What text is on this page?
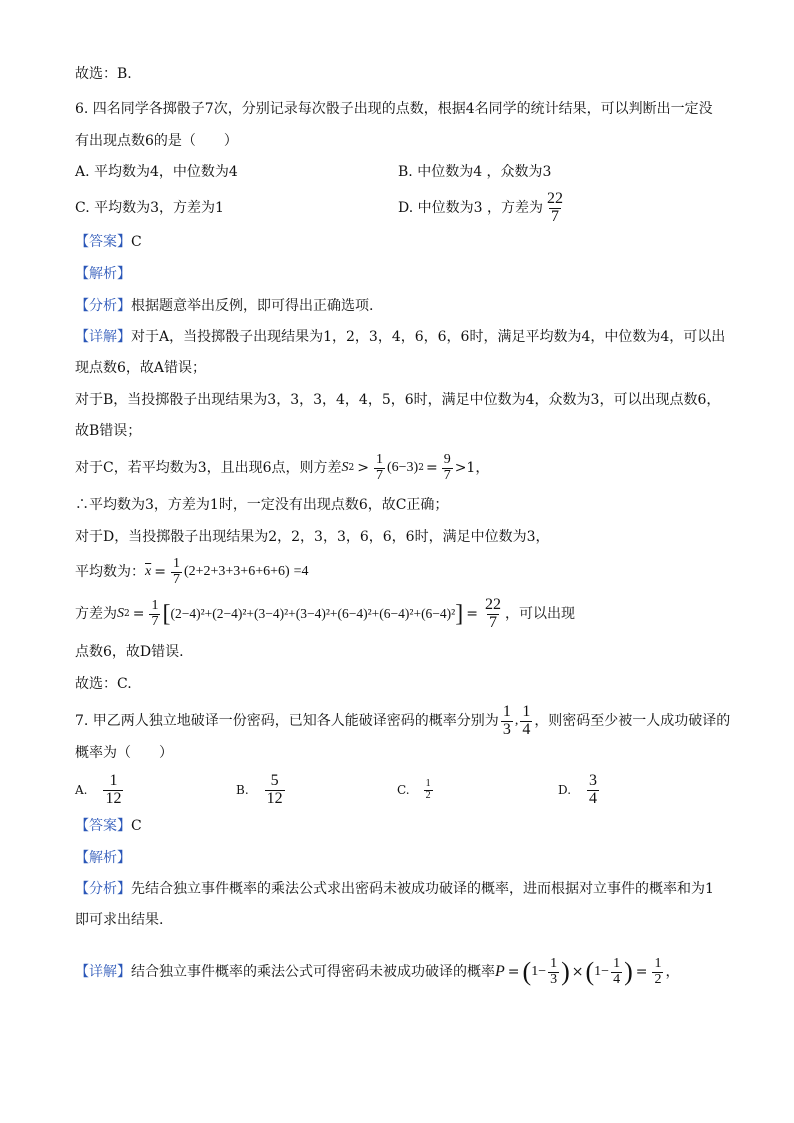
故选：B.
6. 四名同学各掷骰子7次，分别记录每次骰子出现的点数，根据4名同学的统计结果，可以判断出一定没
有出现点数6的是（　　）
A. 平均数为4，中位数为4	B. 中位数为4 ，众数为3
C. 平均数为3，方差为1	D. 中位数为3 ，方差为 $\frac{22}{7}$
【答案】C
【解析】
【分析】根据题意举出反例，即可得出正确选项.
【详解】对于A，当投掷骰子出现结果为1，2，3，4，6，6，6时，满足平均数为4，中位数为4，可以出
现点数6，故A错误；
对于B，当投掷骰子出现结果为3，3，3，4，4，5，6时，满足中位数为4，众数为3，可以出现点数6，
故B错误；
对于C，若平均数为3，且出现6点，则方差 S $2 > \frac{1}{7} (6-3) 2 = \frac{9}{7} >1$，
∴平均数为3，方差为1时，一定没有出现点数6，故C正确；
对于D，当投掷骰子出现结果为2，2，3，3，6，6，6时，满足中位数为3，
平均数为： $\overline{x} = \frac{1}{7} (2+2+3+3+6+6+6) =4$
方差为 S $2 = \frac{1}{7}$ [ (2−4)²+(2−4)²+(3−4)²+(3−4)²+(6−4)²+(6−4)²+(6−4)² ] = $\frac{22}{7}$ ，可以出现
点数6，故D错误.
故选：C.
7. 甲乙两人独立地破译一份密码，已知各人能破译密码的概率分别为 $\frac{1}{3}$ , $\frac{1}{4}$ ，则密码至少被一人成功破译的
概率为（　　）
A. $\frac{1}{12}$	B. $\frac{5}{12}$	C. $\frac{1}{2}$	D. $\frac{3}{4}$
【答案】C
【解析】
【分析】先结合独立事件概率的乘法公式求出密码未被成功破译的概率，进而根据对立事件的概率和为1
即可求出结果.
【详解】 结合独立事件概率的乘法公式可得密码未被成功破译的概率 P = ( $1- \frac{1}{3}$ ) × ( $1- \frac{1}{4}$ ) = $\frac{1}{2}$ ，
